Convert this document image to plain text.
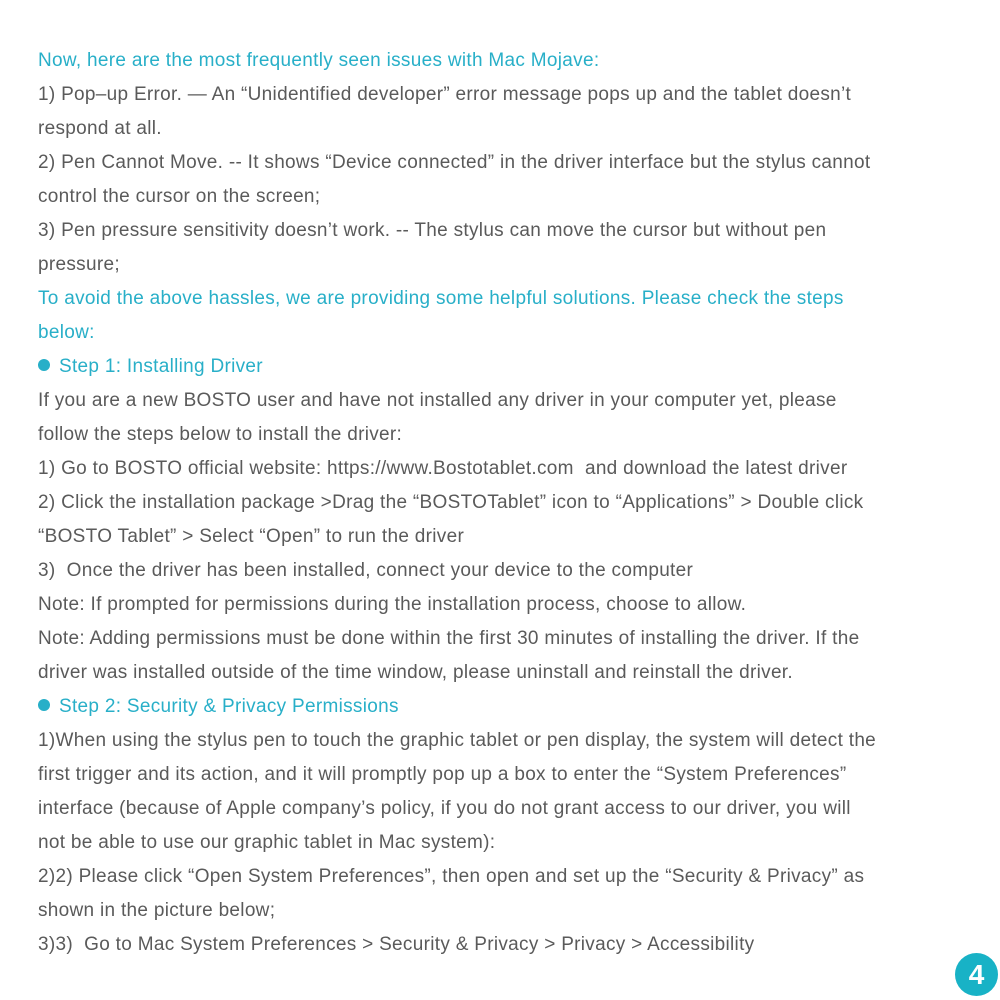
Now, here are the most frequently seen issues with Mac Mojave:
1) Pop–up Error. — An “Unidentified developer” error message pops up and the tablet doesn’t
respond at all.
2) Pen Cannot Move. -- It shows “Device connected” in the driver interface but the stylus cannot
control the cursor on the screen;
3) Pen pressure sensitivity doesn’t work. -- The stylus can move the cursor but without pen
pressure;
To avoid the above hassles, we are providing some helpful solutions. Please check the steps
below:
Step 1: Installing Driver
If you are a new BOSTO user and have not installed any driver in your computer yet, please
follow the steps below to install the driver:
1) Go to BOSTO official website: https://www.Bostotablet.com  and download the latest driver
2) Click the installation package >Drag the “BOSTOTablet” icon to “Applications” > Double click
“BOSTO Tablet” > Select “Open” to run the driver
3)  Once the driver has been installed, connect your device to the computer
Note: If prompted for permissions during the installation process, choose to allow.
Note: Adding permissions must be done within the first 30 minutes of installing the driver. If the
driver was installed outside of the time window, please uninstall and reinstall the driver.
Step 2: Security & Privacy Permissions
1)When using the stylus pen to touch the graphic tablet or pen display, the system will detect the
first trigger and its action, and it will promptly pop up a box to enter the “System Preferences”
interface (because of Apple company’s policy, if you do not grant access to our driver, you will
not be able to use our graphic tablet in Mac system):
2)2) Please click “Open System Preferences”, then open and set up the “Security & Privacy” as
shown in the picture below;
3)3)  Go to Mac System Preferences > Security & Privacy > Privacy > Accessibility
4
